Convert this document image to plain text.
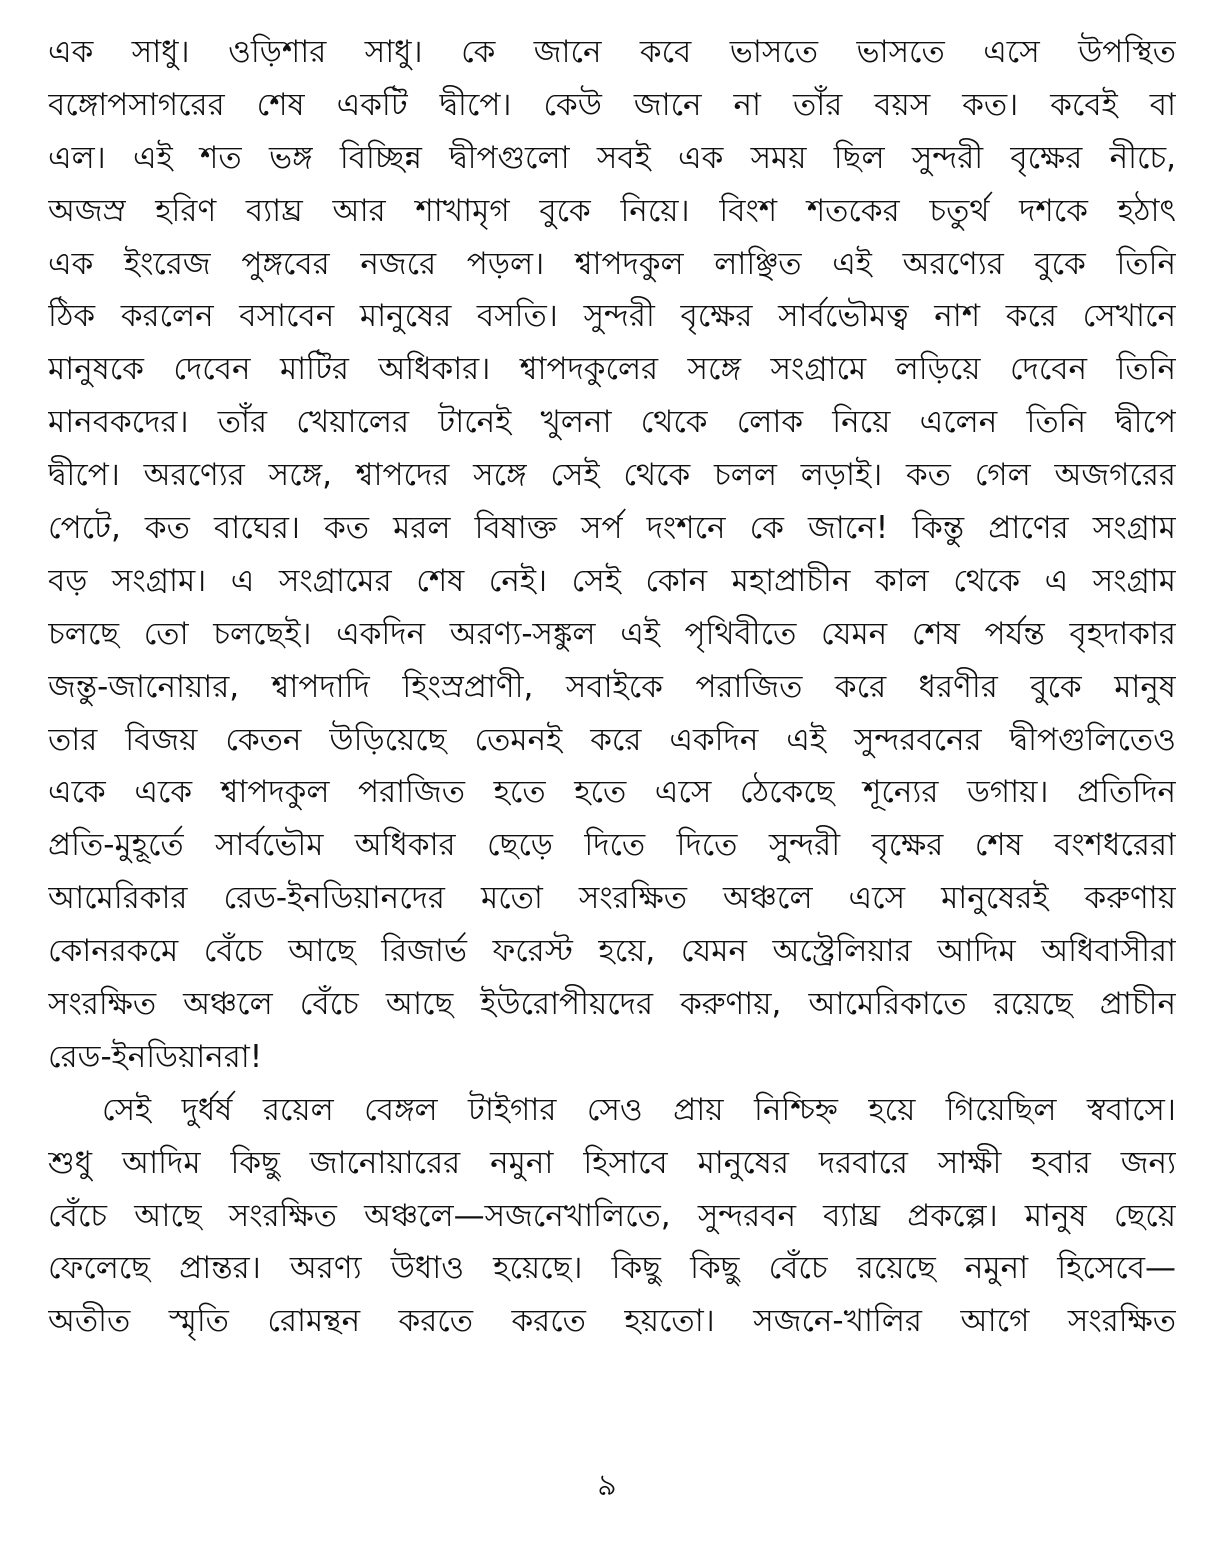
এক সাধু। ওড়িশার সাধু। কে জানে কবে ভাসতে ভাসতে এসে উপস্থিত
বঙ্গোপসাগরের শেষ একটি দ্বীপে। কেউ জানে না তাঁর বয়স কত। কবেই বা
এল। এই শত ভঙ্গ বিচ্ছিন্ন দ্বীপগুলো সবই এক সময় ছিল সুন্দরী বৃক্ষের নীচে,
অজস্র হরিণ ব্যাঘ্র আর শাখামৃগ বুকে নিয়ে। বিংশ শতকের চতুর্থ দশকে হঠাৎ
এক ইংরেজ পুঙ্গবের নজরে পড়ল। শ্বাপদকুল লাঞ্ছিত এই অরণ্যের বুকে তিনি
ঠিক করলেন বসাবেন মানুষের বসতি। সুন্দরী বৃক্ষের সার্বভৌমত্ব নাশ করে সেখানে
মানুষকে দেবেন মাটির অধিকার। শ্বাপদকুলের সঙ্গে সংগ্রামে লড়িয়ে দেবেন তিনি
মানবকদের। তাঁর খেয়ালের টানেই খুলনা থেকে লোক নিয়ে এলেন তিনি দ্বীপে
দ্বীপে। অরণ্যের সঙ্গে, শ্বাপদের সঙ্গে সেই থেকে চলল লড়াই। কত গেল অজগরের
পেটে, কত বাঘের। কত মরল বিষাক্ত সর্প দংশনে কে জানে! কিন্তু প্রাণের সংগ্রাম
বড় সংগ্রাম। এ সংগ্রামের শেষ নেই। সেই কোন মহাপ্রাচীন কাল থেকে এ সংগ্রাম
চলছে তো চলছেই। একদিন অরণ্য-সঙ্কুল এই পৃথিবীতে যেমন শেষ পর্যন্ত বৃহদাকার
জন্তু-জানোয়ার, শ্বাপদাদি হিংস্রপ্রাণী, সবাইকে পরাজিত করে ধরণীর বুকে মানুষ
তার বিজয় কেতন উড়িয়েছে তেমনই করে একদিন এই সুন্দরবনের দ্বীপগুলিতেও
একে একে শ্বাপদকুল পরাজিত হতে হতে এসে ঠেকেছে শূন্যের ডগায়। প্রতিদিন
প্রতি-মুহূর্তে সার্বভৌম অধিকার ছেড়ে দিতে দিতে সুন্দরী বৃক্ষের শেষ বংশধরেরা
আমেরিকার রেড-ইনডিয়ানদের মতো সংরক্ষিত অঞ্চলে এসে মানুষেরই করুণায়
কোনরকমে বেঁচে আছে রিজার্ভ ফরেস্ট হয়ে, যেমন অস্ট্রেলিয়ার আদিম অধিবাসীরা
সংরক্ষিত অঞ্চলে বেঁচে আছে ইউরোপীয়দের করুণায়, আমেরিকাতে রয়েছে প্রাচীন
রেড-ইনডিয়ানরা!
সেই দুর্ধর্ষ রয়েল বেঙ্গল টাইগার সেও প্রায় নিশ্চিহ্ন হয়ে গিয়েছিল স্ববাসে।
শুধু আদিম কিছু জানোয়ারের নমুনা হিসাবে মানুষের দরবারে সাক্ষী হবার জন্য
বেঁচে আছে সংরক্ষিত অঞ্চলে—সজনেখালিতে, সুন্দরবন ব্যাঘ্র প্রকল্পে। মানুষ ছেয়ে
ফেলেছে প্রান্তর। অরণ্য উধাও হয়েছে। কিছু কিছু বেঁচে রয়েছে নমুনা হিসেবে—
অতীত স্মৃতি রোমন্থন করতে করতে হয়তো। সজনে-খালির আগে সংরক্ষিত
৯
